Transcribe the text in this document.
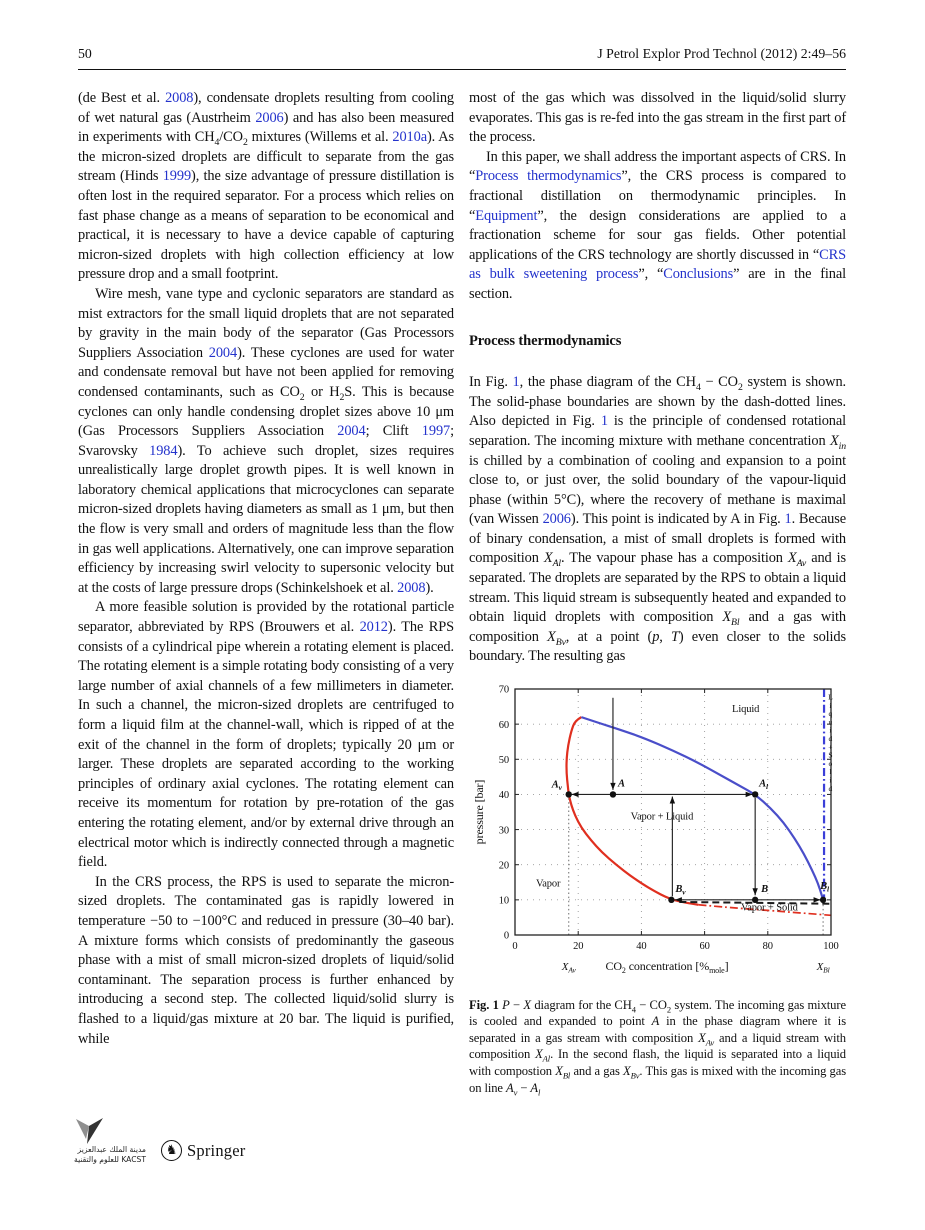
50	J Petrol Explor Prod Technol (2012) 2:49–56

(de Best et al. 2008), condensate droplets resulting from cooling of wet natural gas (Austrheim 2006) and has also been measured in experiments with $CH_4/CO_2$ mixtures (Willems et al. 2010a). As the micron-sized droplets are difficult to separate from the gas stream (Hinds 1999), the size advantage of pressure distillation is often lost in the required separator. For a process which relies on fast phase change as a means of separation to be economical and practical, it is necessary to have a device capable of capturing micron-sized droplets with high collection efficiency at low pressure drop and a small footprint.

Wire mesh, vane type and cyclonic separators are standard as mist extractors for the small liquid droplets that are not separated by gravity in the main body of the separator (Gas Processors Suppliers Association 2004). These cyclones are used for water and condensate removal but have not been applied for removing condensed contaminants, such as $CO_2$ or $H_2S$. This is because cyclones can only handle condensing droplet sizes above 10 μm (Gas Processors Suppliers Association 2004; Clift 1997; Svarovsky 1984). To achieve such droplet, sizes requires unrealistically large droplet growth pipes. It is well known in laboratory chemical applications that microcyclones can separate micron-sized droplets having diameters as small as 1 μm, but then the flow is very small and orders of magnitude less than the flow in gas well applications. Alternatively, one can improve separation efficiency by increasing swirl velocity to supersonic velocity but at the costs of large pressure drops (Schinkelshoek et al. 2008).

A more feasible solution is provided by the rotational particle separator, abbreviated by RPS (Brouwers et al. 2012). The RPS consists of a cylindrical pipe wherein a rotating element is placed. The rotating element is a simple rotating body consisting of a very large number of axial channels of a few millimeters in diameter. In such a channel, the micron-sized droplets are centrifuged to form a liquid film at the channel-wall, which is ripped of at the exit of the channel in the form of droplets; typically 20 μm or larger. These droplets are separated according to the working principles of ordinary axial cyclones. The rotating element can receive its momentum for rotation by pre-rotation of the gas entering the rotating element, and/or by external drive through an electrical motor which is indirectly connected through a magnetic field.

In the CRS process, the RPS is used to separate the micron-sized droplets. The contaminated gas is rapidly lowered in temperature −50 to −100°C and reduced in pressure (30–40 bar). A mixture forms which consists of predominantly the gaseous phase with a mist of small micron-sized droplets of liquid/solid contaminant. The separation process is further enhanced by introducing a second step. The collected liquid/solid slurry is flashed to a liquid/gas mixture at 20 bar. The liquid is purified, while

most of the gas which was dissolved in the liquid/solid slurry evaporates. This gas is re-fed into the gas stream in the first part of the process.

In this paper, we shall address the important aspects of CRS. In “Process thermodynamics”, the CRS process is compared to fractional distillation on thermodynamic principles. In “Equipment”, the design considerations are applied to a fractionation scheme for sour gas fields. Other potential applications of the CRS technology are shortly discussed in “CRS as bulk sweetening process”, “Conclusions” are in the final section.

Process thermodynamics

In Fig. 1, the phase diagram of the $CH_4 - CO_2$ system is shown. The solid-phase boundaries are shown by the dash-dotted lines. Also depicted in Fig. 1 is the principle of condensed rotational separation. The incoming mixture with methane concentration $X_{in}$ is chilled by a combination of cooling and expansion to a point close to, or just over, the solid boundary of the vapour-liquid phase (within 5°C), where the recovery of methane is maximal (van Wissen 2006). This point is indicated by A in Fig. 1. Because of binary condensation, a mist of small droplets is formed with composition $X_{Al}$. The vapour phase has a composition $X_{Av}$ and is separated. The droplets are separated by the RPS to obtain a liquid stream. This liquid stream is subsequently heated and expanded to obtain liquid droplets with composition $X_{Bl}$ and a gas with composition $X_{Bv}$, at a point (p, T) even closer to the solids boundary. The resulting gas

0	20	40	60	80	100
0
10
20
30
40
50
60
70
$A_v$	A	$A_l$
$B_v$	B	$B_l$
Liquid
Vapor
Vapor + Liquid
Vapor + Solid
L
i
q
u
i
d
+
S
o
l
i
d
pressure [bar]
$CO_2$ concentration $[\%_{mole}]$
$X_{Av}$	$X_{Bl}$
Fig. 1 P − X diagram for the $CH_4 - CO_2$ system. The incoming gas mixture is cooled and expanded to point A in the phase diagram where it is separated in a gas stream with composition $X_{Av}$ and a liquid stream with composition $X_{Al}$. In the second flash, the liquid is separated into a liquid with compostion $X_{Bl}$ and a gas $X_{Bv}$. This gas is mixed with the incoming gas on line $A_v - A_l$
مدينة الملك عبدالعزيز
للعلوم والتقنية KACST
♞ Springer
